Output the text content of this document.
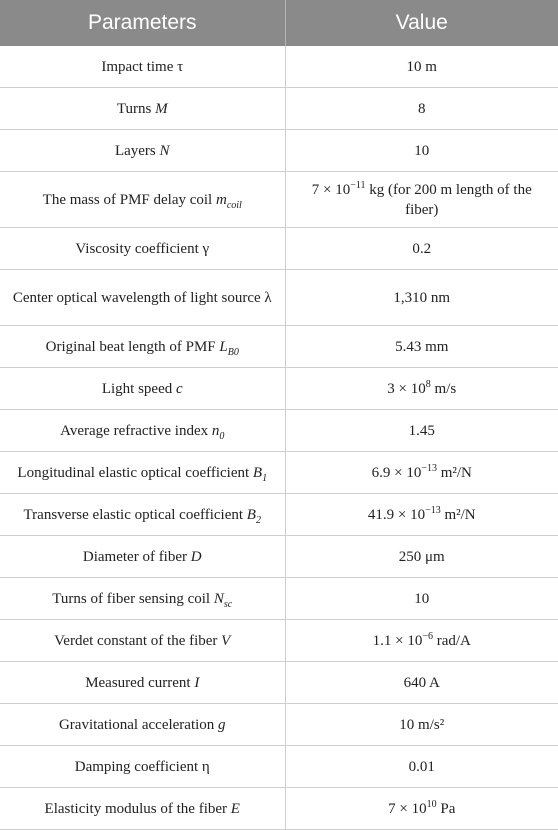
Parameters	Value
Impact time τ	10 m
Turns M	8
Layers N	10
The mass of PMF delay coil $m_{coil}$	$7 \times 10^{-11}$ kg (for 200 m length of the fiber)
Viscosity coefficient γ	0.2
Center optical wavelength of light source λ	1,310 nm
Original beat length of PMF $L_{B0}$	5.43 mm
Light speed c	$3 \times 10^8$ m/s
Average refractive index $n_0$	1.45
Longitudinal elastic optical coefficient $B_1$	$6.9 \times 10^{-13}$ m²/N
Transverse elastic optical coefficient $B_2$	$41.9 \times 10^{-13}$ m²/N
Diameter of fiber D	250 μm
Turns of fiber sensing coil $N_{sc}$	10
Verdet constant of the fiber V	$1.1 \times 10^{-6}$ rad/A
Measured current I	640 A
Gravitational acceleration g	10 m/s²
Damping coefficient η	0.01
Elasticity modulus of the fiber E	$7 \times 10^{10}$ Pa
